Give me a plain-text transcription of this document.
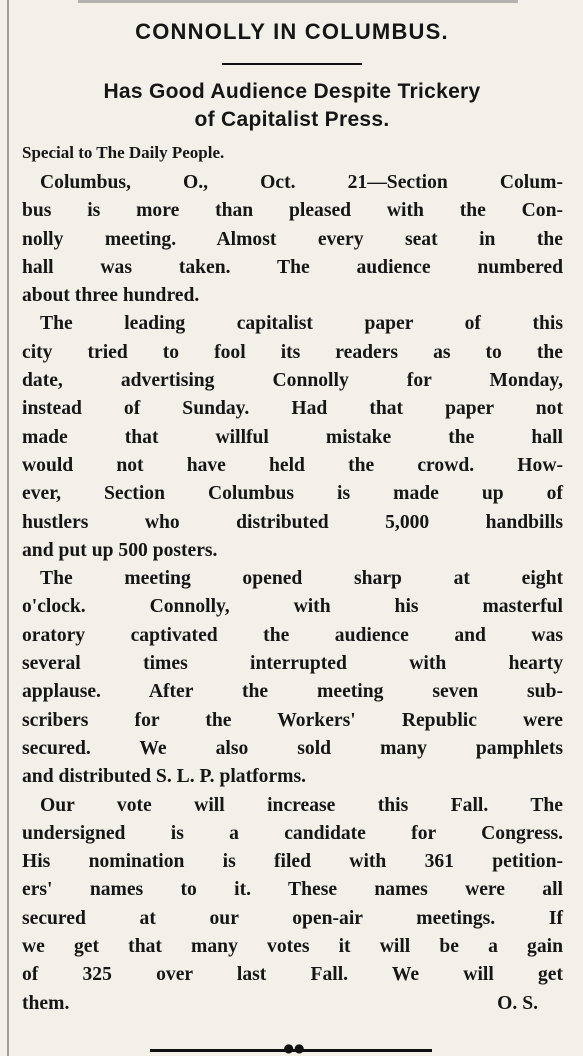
CONNOLLY IN COLUMBUS.
Has Good Audience Despite Trickery
of Capitalist Press.
Special to The Daily People.
Columbus, O., Oct. 21—Section Colum-
bus is more than pleased with the Con-
nolly meeting. Almost every seat in the
hall was taken. The audience numbered
about three hundred.
The leading capitalist paper of this
city tried to fool its readers as to the
date, advertising Connolly for Monday,
instead of Sunday. Had that paper not
made that willful mistake the hall
would not have held the crowd. How-
ever, Section Columbus is made up of
hustlers who distributed 5,000 handbills
and put up 500 posters.
The meeting opened sharp at eight
o'clock. Connolly, with his masterful
oratory captivated the audience and was
several times interrupted with hearty
applause. After the meeting seven sub-
scribers for the Workers' Republic were
secured. We also sold many pamphlets
and distributed S. L. P. platforms.
Our vote will increase this Fall. The
undersigned is a candidate for Congress.
His nomination is filed with 361 petition-
ers' names to it. These names were all
secured at our open-air meetings. If
we get that many votes it will be a gain
of 325 over last Fall. We will get
them.	O. S.
●●
